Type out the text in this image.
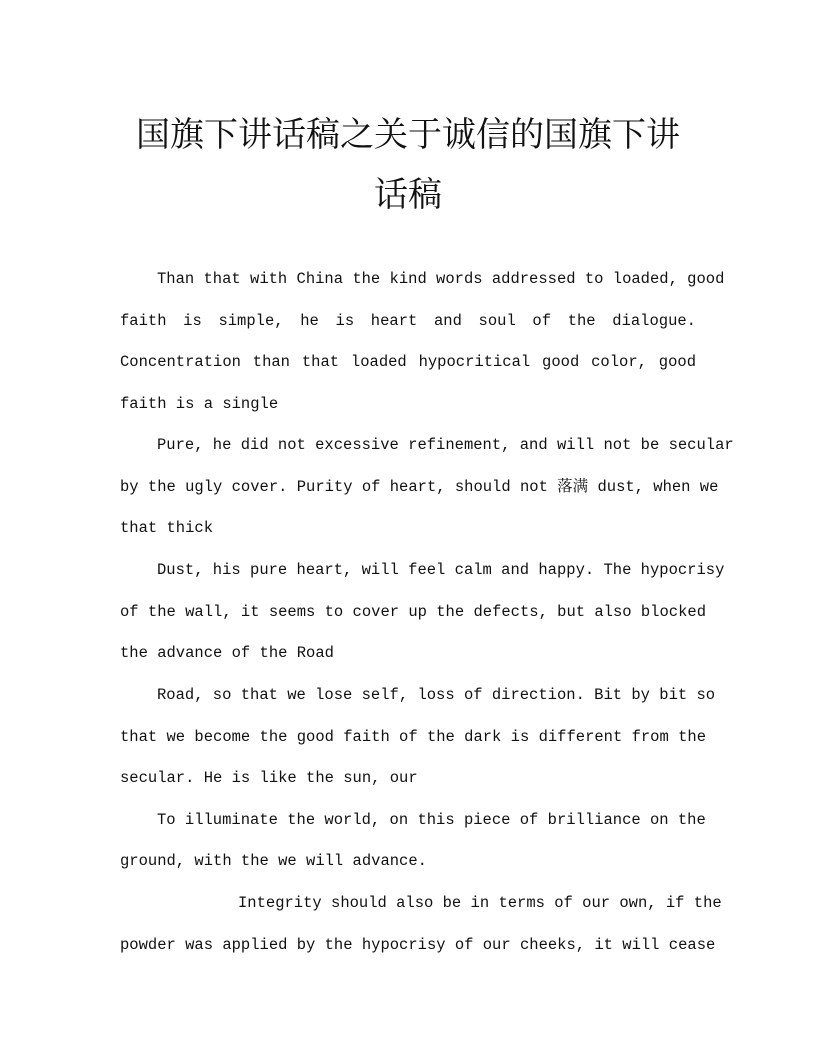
国旗下讲话稿之关于诚信的国旗下讲
话稿
Than that with China the kind words addressed to loaded, good
faith is simple, he is heart and soul of the dialogue.
Concentration than that loaded hypocritical good color, good
faith is a single
Pure, he did not excessive refinement, and will not be secular
by the ugly cover. Purity of heart, should not 落满 dust, when we
that thick
Dust, his pure heart, will feel calm and happy. The hypocrisy
of the wall, it seems to cover up the defects, but also blocked
the advance of the Road
Road, so that we lose self, loss of direction. Bit by bit so
that we become the good faith of the dark is different from the
secular. He is like the sun, our
To illuminate the world, on this piece of brilliance on the
ground, with the we will advance.
Integrity should also be in terms of our own, if the
powder was applied by the hypocrisy of our cheeks, it will cease
